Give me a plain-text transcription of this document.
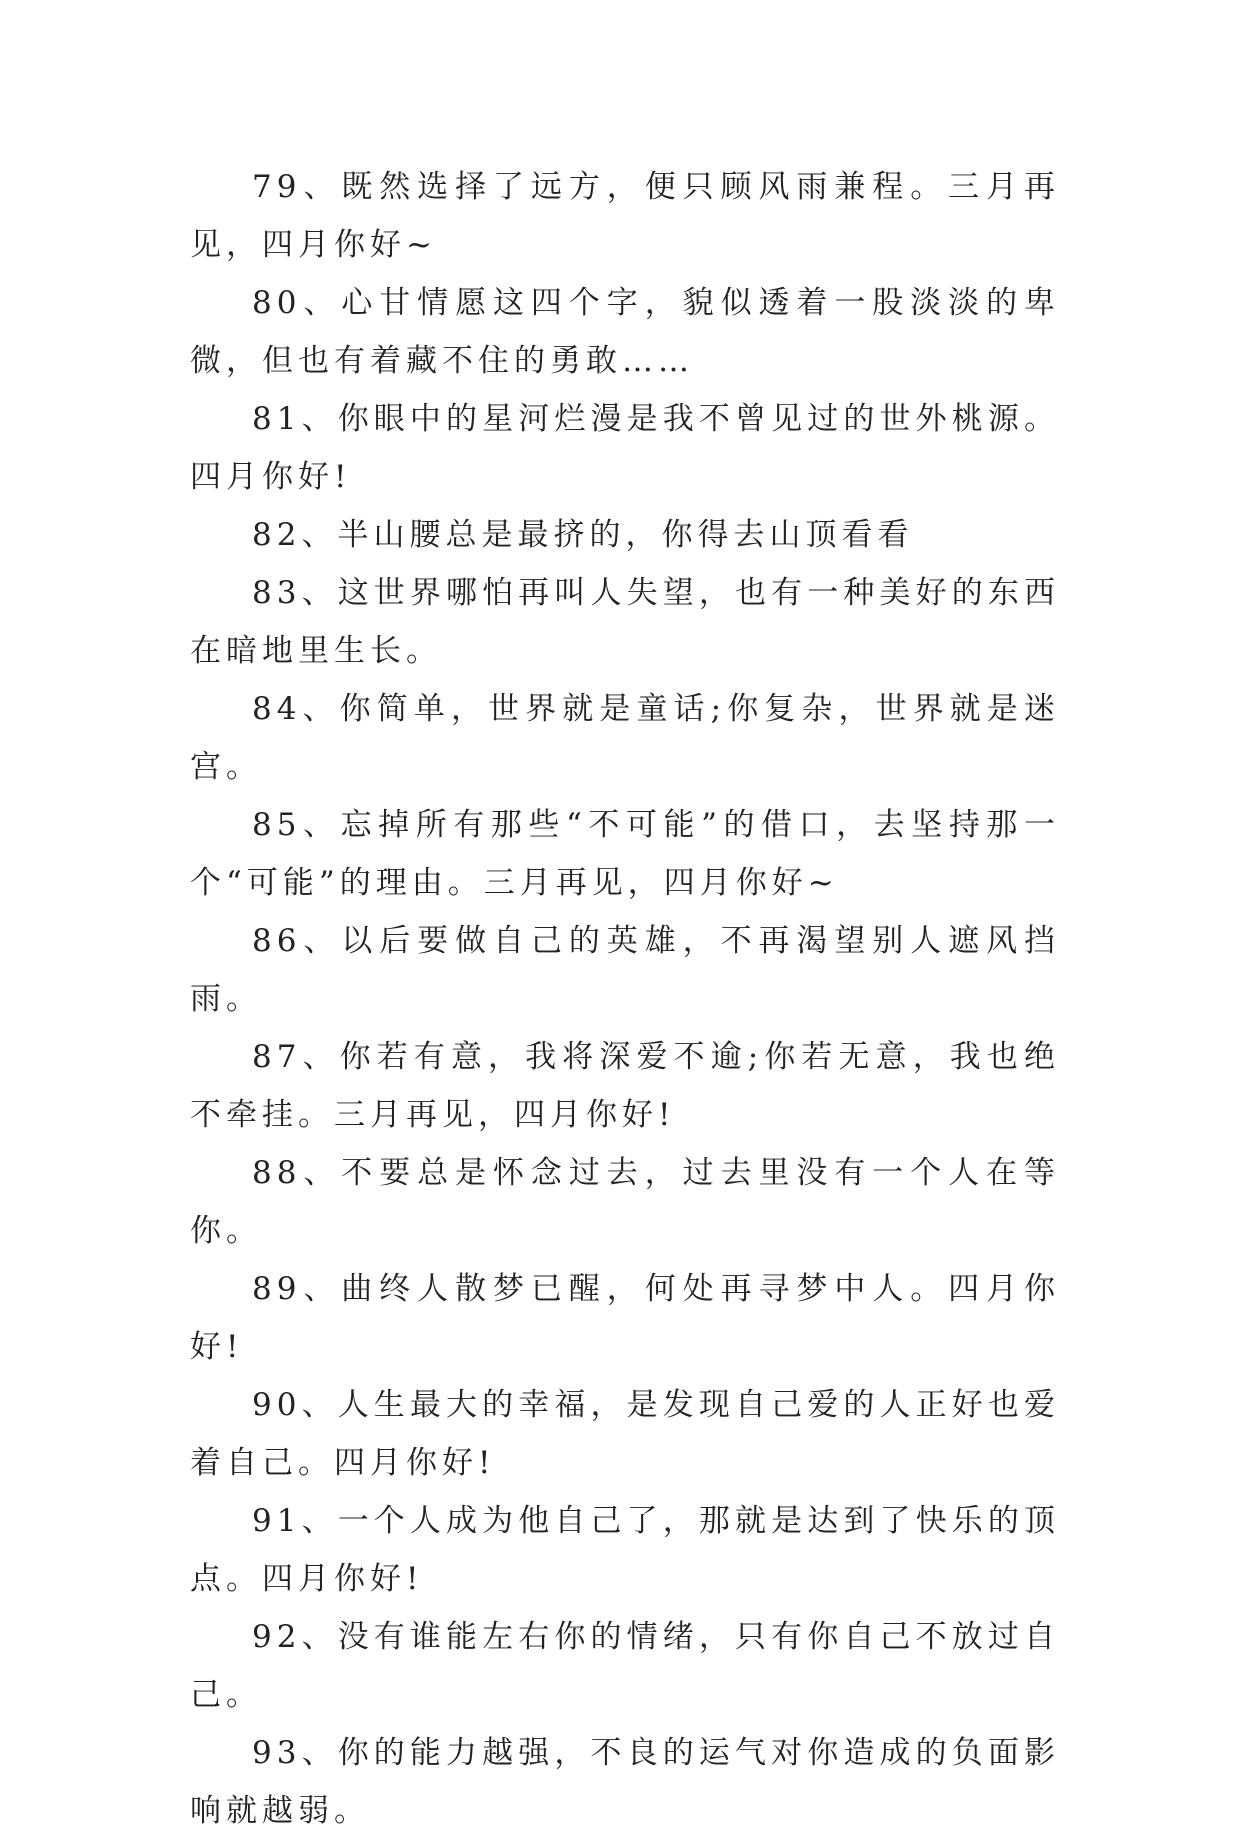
79、既然选择了远方，便只顾风雨兼程。三月再见，四月你好~

80、心甘情愿这四个字，貌似透着一股淡淡的卑微，但也有着藏不住的勇敢……

81、你眼中的星河烂漫是我不曾见过的世外桃源。四月你好!

82、半山腰总是最挤的，你得去山顶看看

83、这世界哪怕再叫人失望，也有一种美好的东西在暗地里生长。

84、你简单，世界就是童话;你复杂，世界就是迷宫。

85、忘掉所有那些“不可能”的借口，去坚持那一个“可能”的理由。三月再见，四月你好~

86、以后要做自己的英雄，不再渴望别人遮风挡雨。

87、你若有意，我将深爱不逾;你若无意，我也绝不牵挂。三月再见，四月你好!

88、不要总是怀念过去，过去里没有一个人在等你。

89、曲终人散梦已醒，何处再寻梦中人。四月你好!

90、人生最大的幸福，是发现自己爱的人正好也爱着自己。四月你好!

91、一个人成为他自己了，那就是达到了快乐的顶点。四月你好!

92、没有谁能左右你的情绪，只有你自己不放过自己。

93、你的能力越强，不良的运气对你造成的负面影响就越弱。
